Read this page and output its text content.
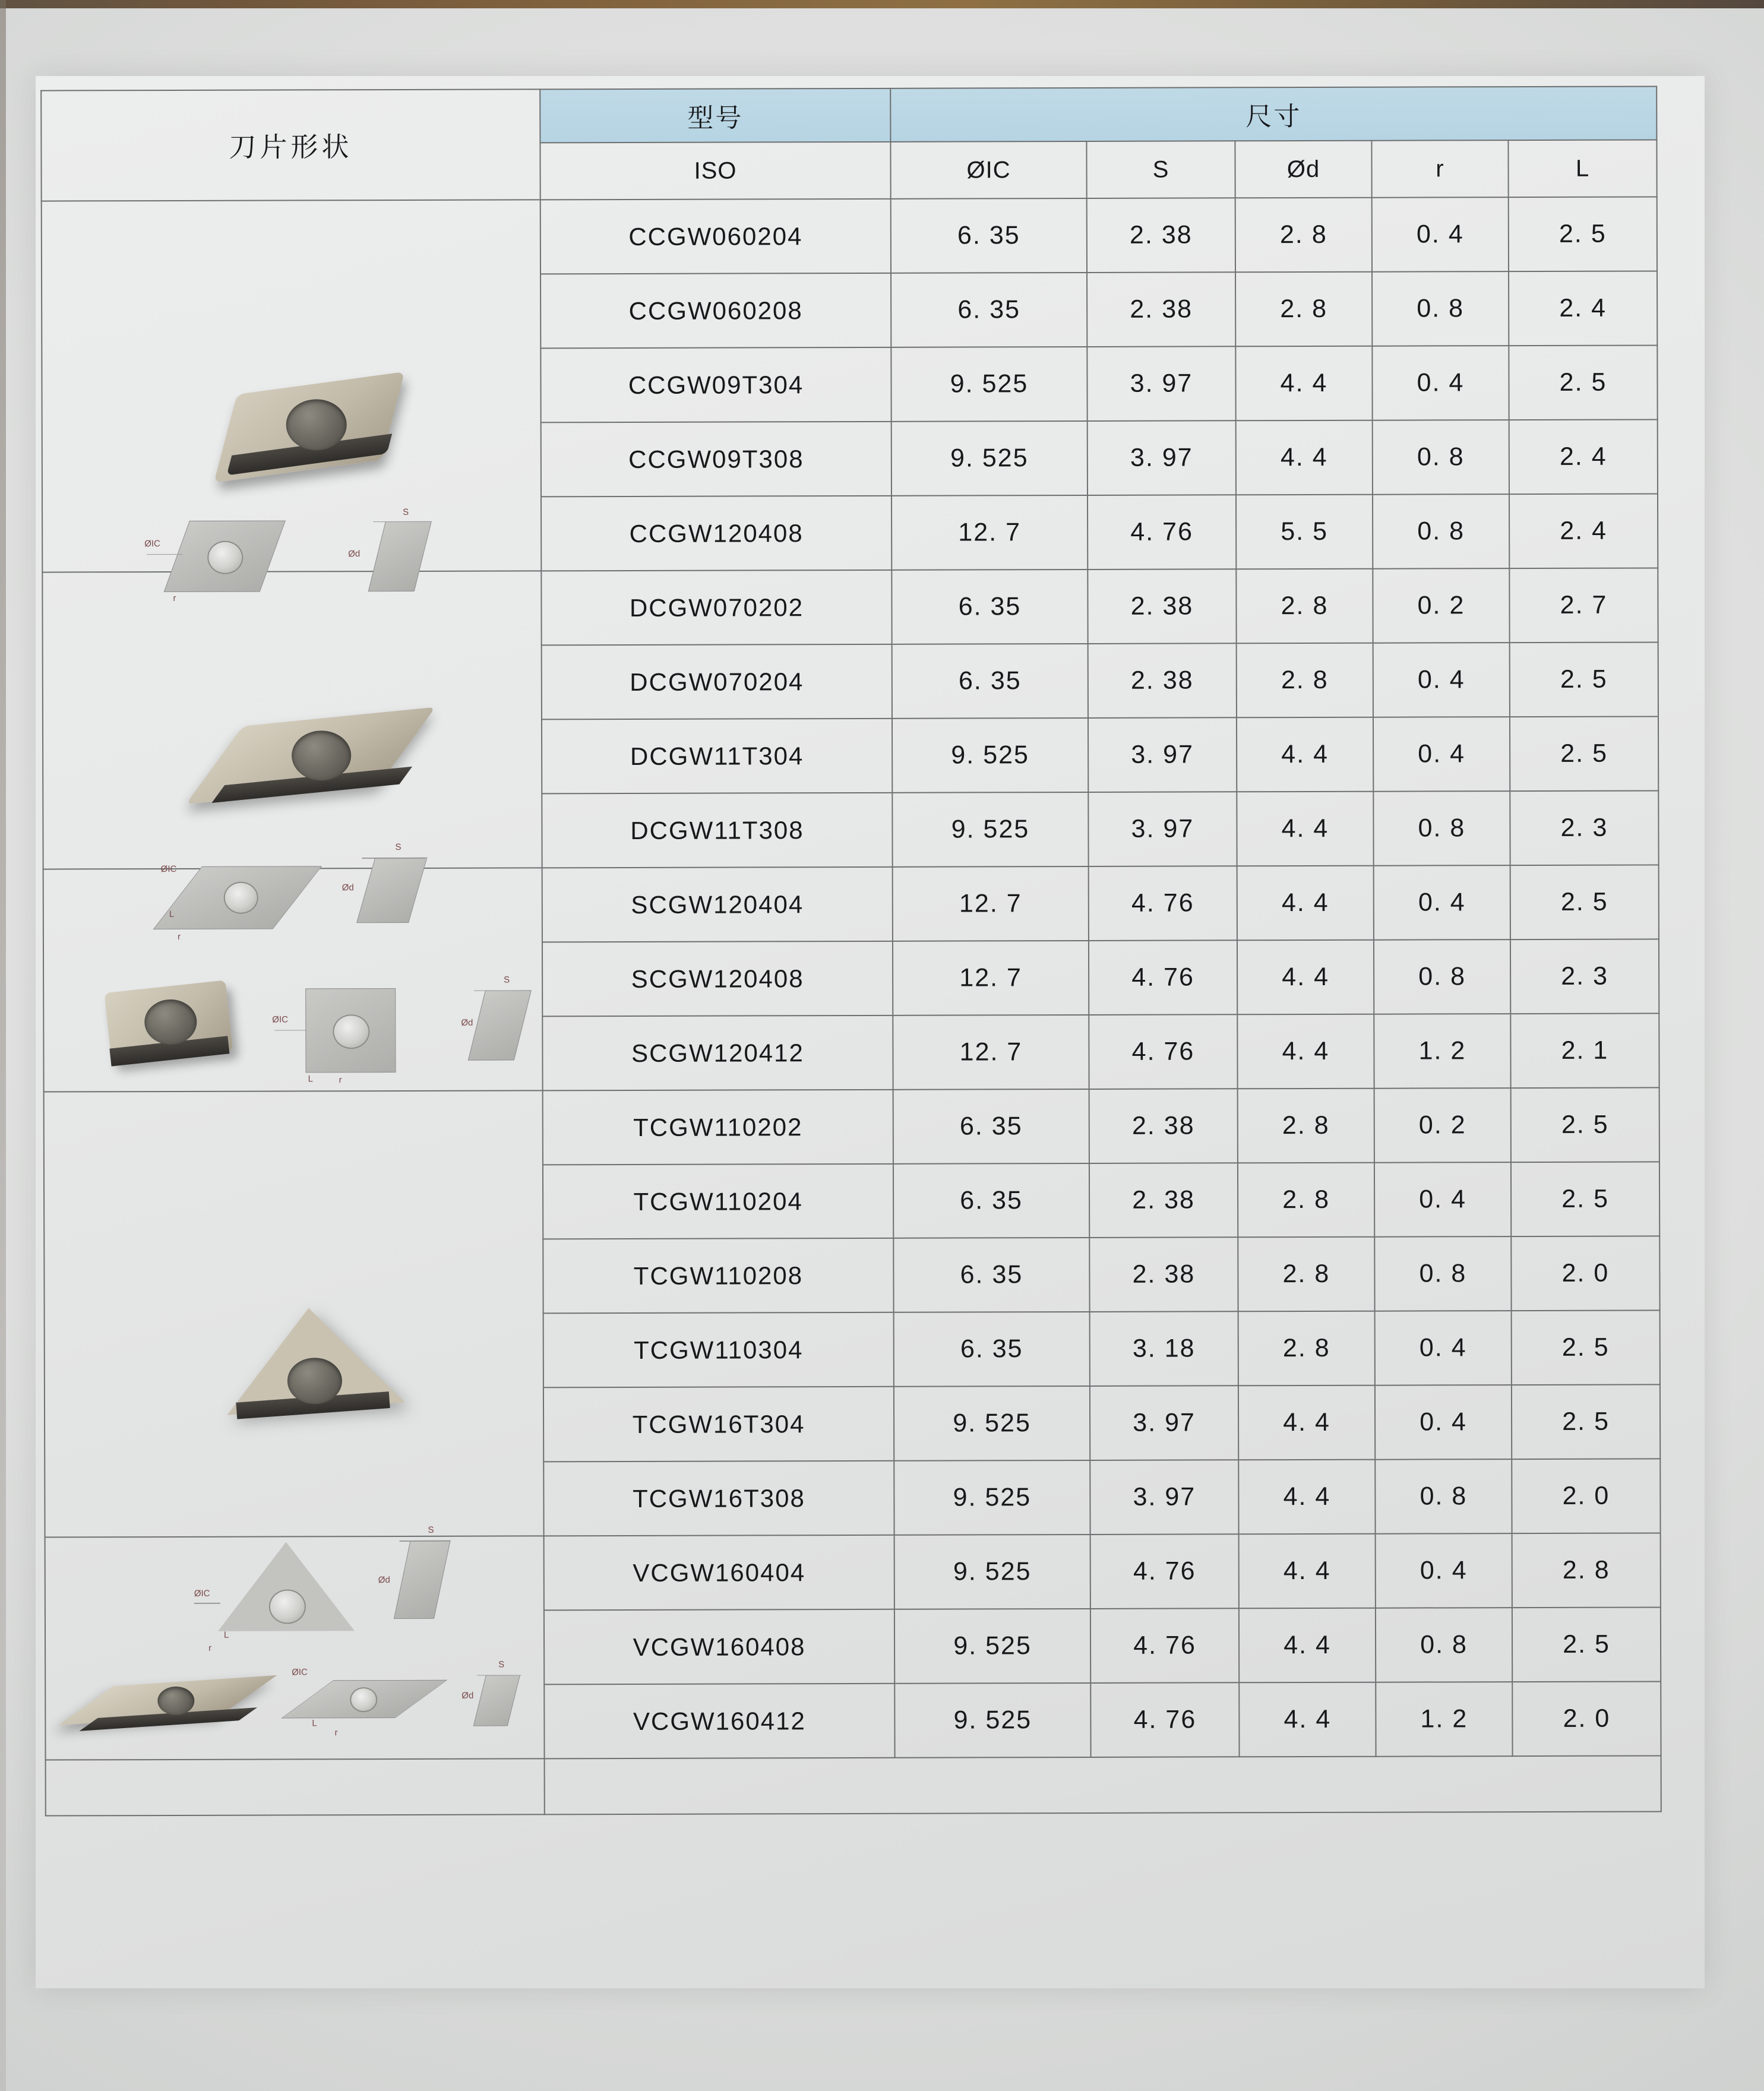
刀片形状	型号	尺寸				
	ISO	ØIC	S	Ød	r	L

ØIC
r
S
Ød	CCGW060204	6. 35	2. 38	2. 8	0. 4	2. 5
	CCGW060208	6. 35	2. 38	2. 8	0. 8	2. 4
	CCGW09T304	9. 525	3. 97	4. 4	0. 4	2. 5
	CCGW09T308	9. 525	3. 97	4. 4	0. 8	2. 4
	CCGW120408	12. 7	4. 76	5. 5	0. 8	2. 4

ØIC
L
r
S
Ød	DCGW070202	6. 35	2. 38	2. 8	0. 2	2. 7
	DCGW070204	6. 35	2. 38	2. 8	0. 4	2. 5
	DCGW11T304	9. 525	3. 97	4. 4	0. 4	2. 5
	DCGW11T308	9. 525	3. 97	4. 4	0. 8	2. 3

ØIC
L r
S
Ød	SCGW120404	12. 7	4. 76	4. 4	0. 4	2. 5
	SCGW120408	12. 7	4. 76	4. 4	0. 8	2. 3
	SCGW120412	12. 7	4. 76	4. 4	1. 2	2. 1

ØIC
L
r
S
Ød	TCGW110202	6. 35	2. 38	2. 8	0. 2	2. 5
	TCGW110204	6. 35	2. 38	2. 8	0. 4	2. 5
	TCGW110208	6. 35	2. 38	2. 8	0. 8	2. 0
	TCGW110304	6. 35	3. 18	2. 8	0. 4	2. 5
	TCGW16T304	9. 525	3. 97	4. 4	0. 4	2. 5
	TCGW16T308	9. 525	3. 97	4. 4	0. 8	2. 0

ØIC
L
r
S
Ød	VCGW160404	9. 525	4. 76	4. 4	0. 4	2. 8
	VCGW160408	9. 525	4. 76	4. 4	0. 8	2. 5
	VCGW160412	9. 525	4. 76	4. 4	1. 2	2. 0
